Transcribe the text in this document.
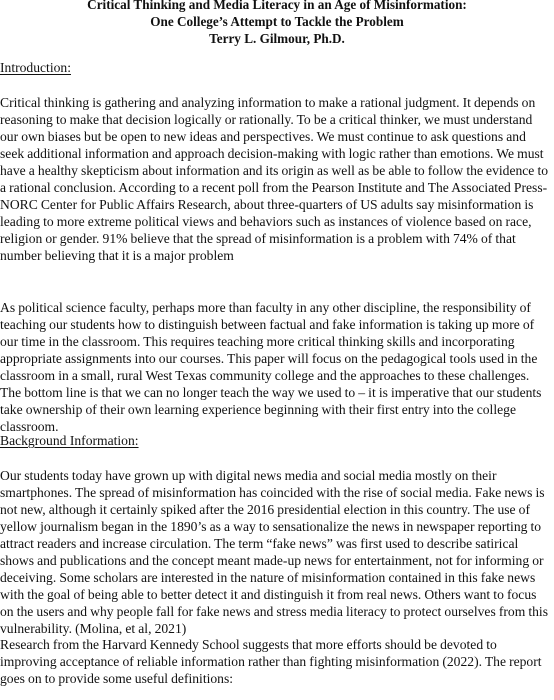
Critical Thinking and Media Literacy in an Age of Misinformation:
One College’s Attempt to Tackle the Problem
Terry L. Gilmour, Ph.D.
Introduction:
Critical thinking is gathering and analyzing information to make a rational judgment. It depends on reasoning to make that decision logically or rationally. To be a critical thinker, we must understand our own biases but be open to new ideas and perspectives. We must continue to ask questions and seek additional information and approach decision-making with logic rather than emotions. We must have a healthy skepticism about information and its origin as well as be able to follow the evidence to a rational conclusion. According to a recent poll from the Pearson Institute and The Associated Press-NORC Center for Public Affairs Research, about three-quarters of US adults say misinformation is leading to more extreme political views and behaviors such as instances of violence based on race, religion or gender. 91% believe that the spread of misinformation is a problem with 74% of that number believing that it is a major problem
As political science faculty, perhaps more than faculty in any other discipline, the responsibility of teaching our students how to distinguish between factual and fake information is taking up more of our time in the classroom. This requires teaching more critical thinking skills and incorporating appropriate assignments into our courses. This paper will focus on the pedagogical tools used in the classroom in a small, rural West Texas community college and the approaches to these challenges. The bottom line is that we can no longer teach the way we used to – it is imperative that our students take ownership of their own learning experience beginning with their first entry into the college classroom.
Background Information:
Our students today have grown up with digital news media and social media mostly on their smartphones. The spread of misinformation has coincided with the rise of social media. Fake news is not new, although it certainly spiked after the 2016 presidential election in this country. The use of yellow journalism began in the 1890’s as a way to sensationalize the news in newspaper reporting to attract readers and increase circulation. The term “fake news” was first used to describe satirical shows and publications and the concept meant made-up news for entertainment, not for informing or deceiving. Some scholars are interested in the nature of misinformation contained in this fake news with the goal of being able to better detect it and distinguish it from real news. Others want to focus on the users and why people fall for fake news and stress media literacy to protect ourselves from this vulnerability. (Molina, et al, 2021)
Research from the Harvard Kennedy School suggests that more efforts should be devoted to improving acceptance of reliable information rather than fighting misinformation (2022). The report goes on to provide some useful definitions:
